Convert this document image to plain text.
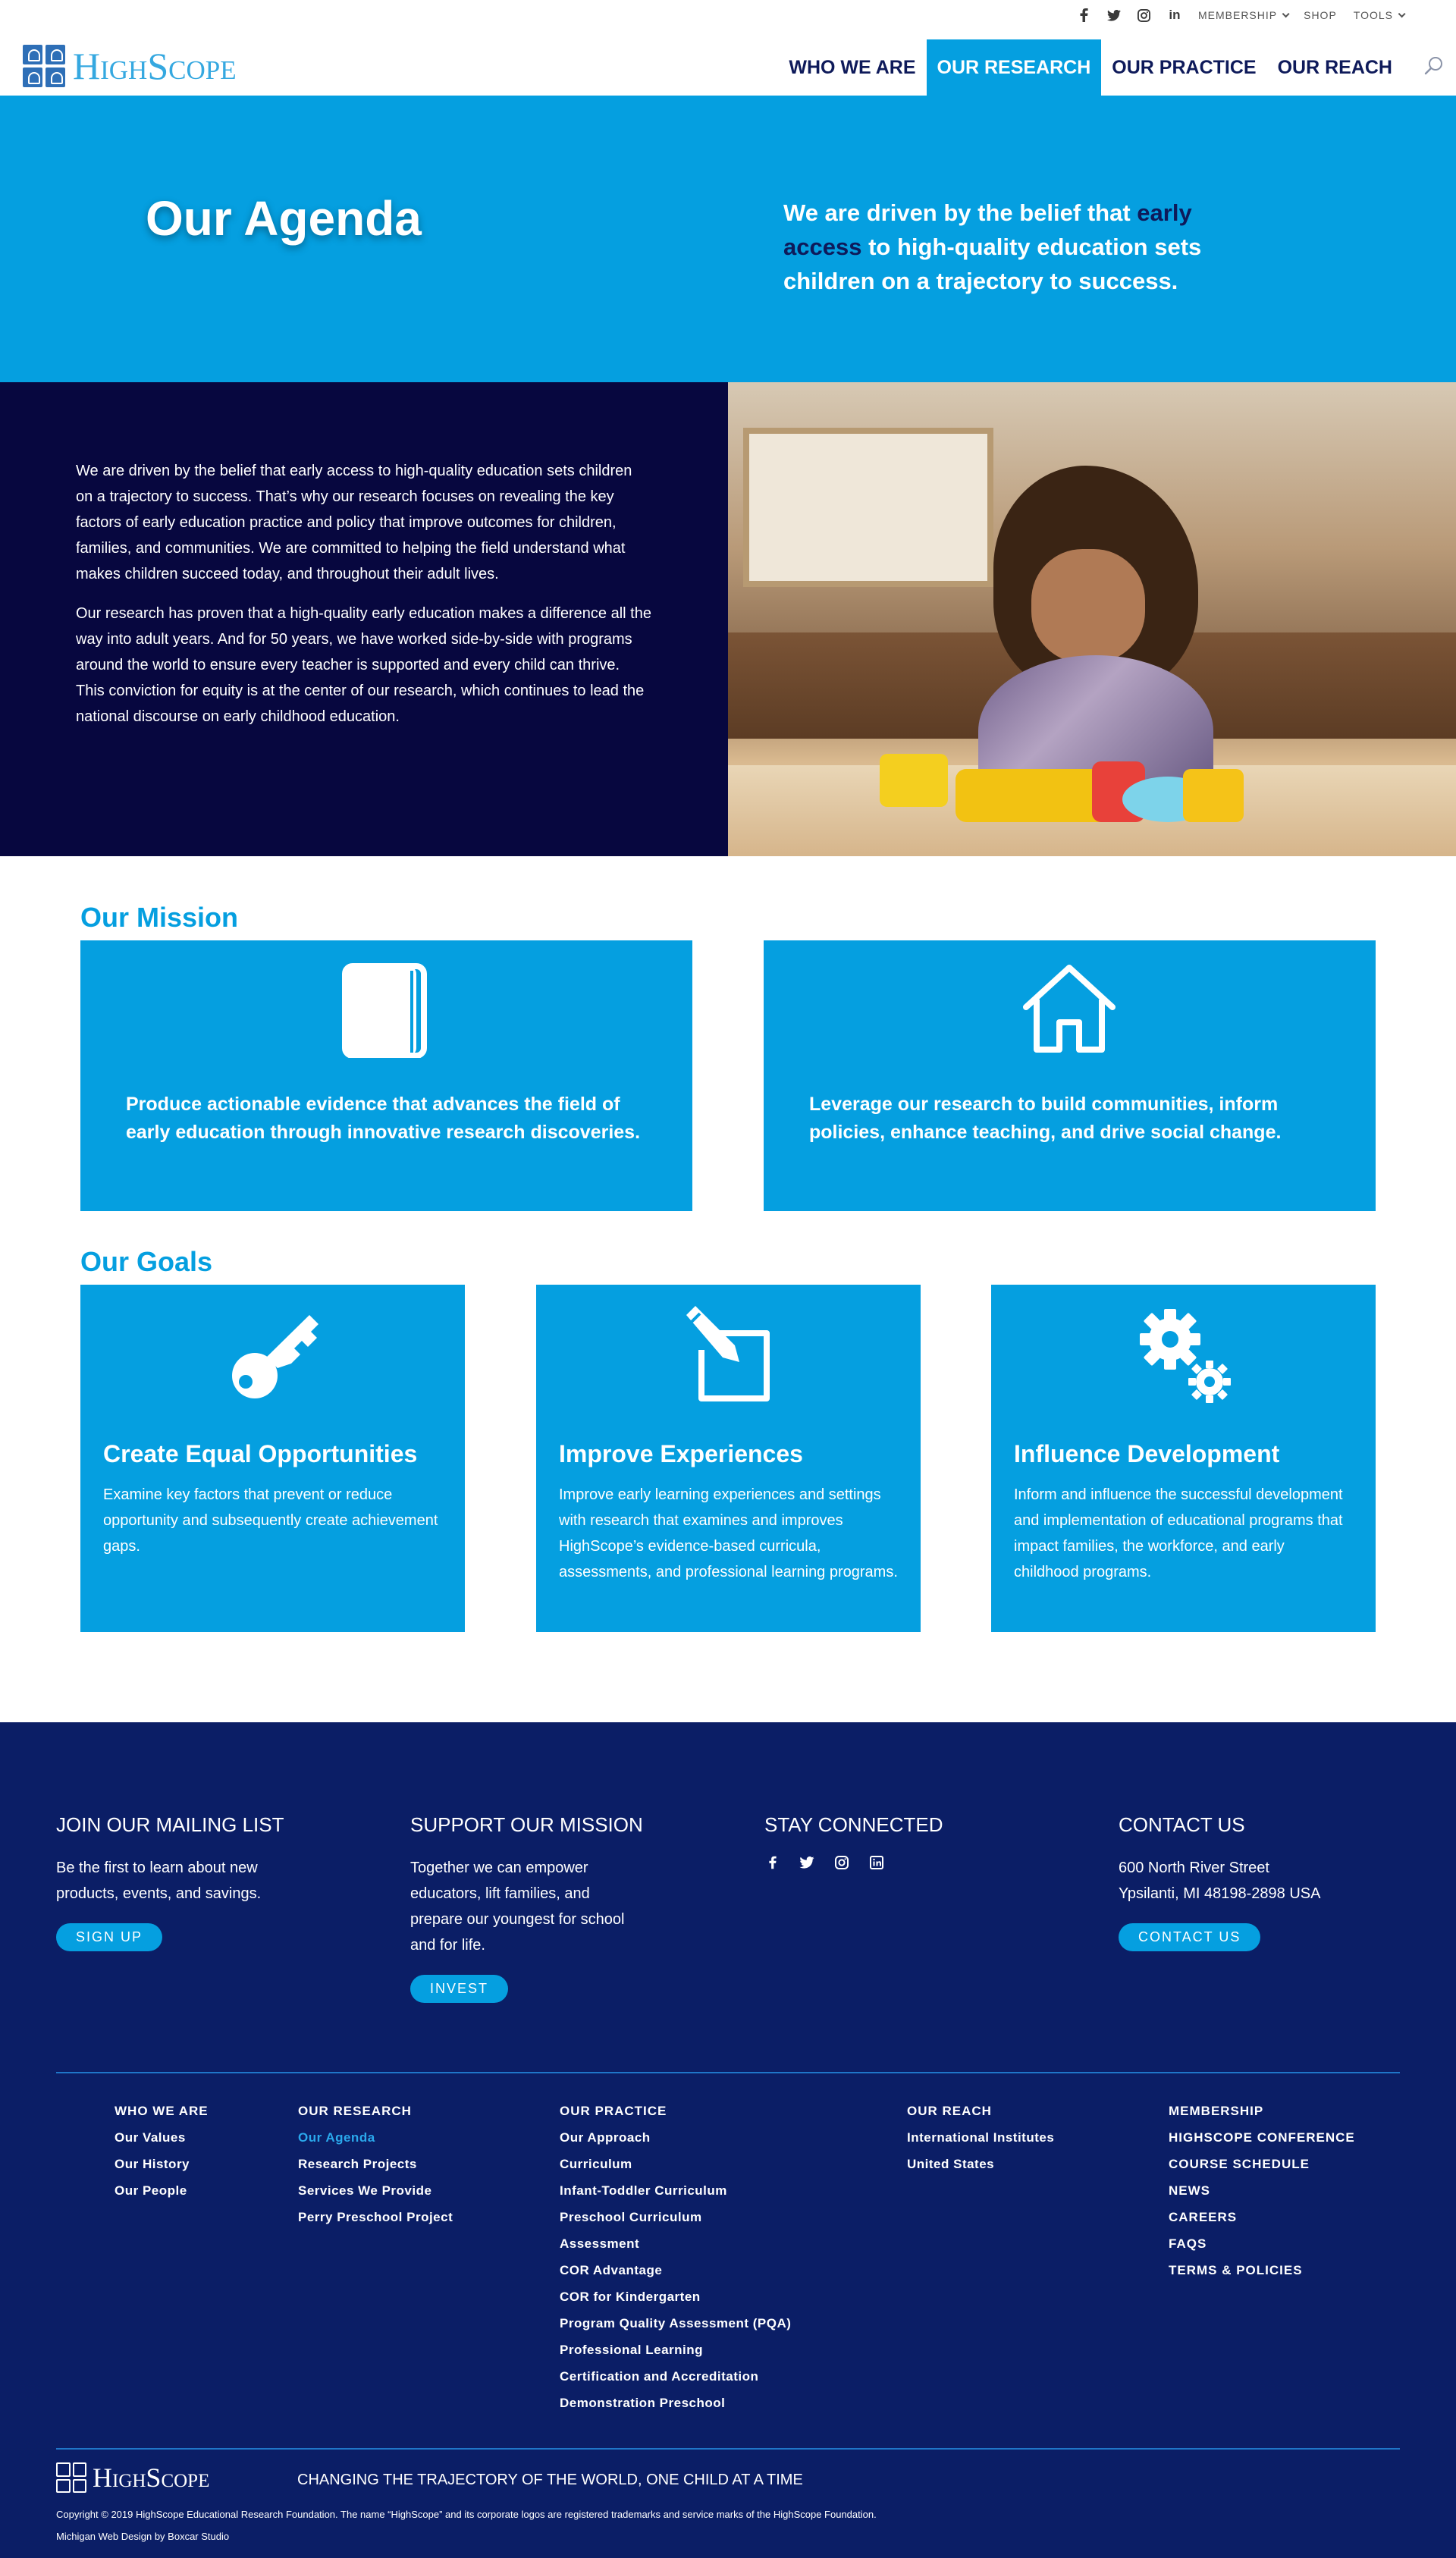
in MEMBERSHIP	SHOP TOOLS
HighScope	WHO WE ARE	OUR RESEARCH	OUR PRACTICE	OUR REACH
Our Agenda	We are driven by the belief that early access to high-quality education sets children on a trajectory to success.

We are driven by the belief that early access to high-quality education sets children on a trajectory to success. That’s why our research focuses on revealing the key factors of early education practice and policy that improve outcomes for children, families, and communities. We are committed to helping the field understand what makes children succeed today, and throughout their adult lives.

Our research has proven that a high-quality early education makes a difference all the way into adult years. And for 50 years, we have worked side-by-side with programs around the world to ensure every teacher is supported and every child can thrive. This conviction for equity is at the center of our research, which continues to lead the national discourse on early childhood education.

Our Mission
Produce actionable evidence that advances the field of early education through innovative research discoveries.
Leverage our research to build communities, inform policies, enhance teaching, and drive social change.
Our Goals
Create Equal Opportunities

Examine key factors that prevent or reduce opportunity and subsequently create achievement gaps.

Improve Experiences

Improve early learning experiences and settings with research that examines and improves HighScope’s evidence-based curricula, assessments, and professional learning programs.

Influence Development

Inform and influence the successful development and implementation of educational programs that impact families, the workforce, and early childhood programs.

JOIN OUR MAILING LIST

Be the first to learn about new products, events, and savings.

SIGN UP
SUPPORT OUR MISSION

Together we can empower educators, lift families, and prepare our youngest for school and for life.

INVEST
STAY CONNECTED	CONTACT US

600 North River Street
Ypsilanti, MI 48198-2898 USA

CONTACT US
WHO WE ARE
Our Values
Our History
Our People
OUR RESEARCH
Our Agenda
Research Projects
Services We Provide
Perry Preschool Project
OUR PRACTICE
Our Approach
Curriculum
Infant-Toddler Curriculum
Preschool Curriculum
Assessment
COR Advantage
COR for Kindergarten
Program Quality Assessment (PQA)
Professional Learning
Certification and Accreditation
Demonstration Preschool
OUR REACH
International Institutes
United States
MEMBERSHIP
HIGHSCOPE CONFERENCE
COURSE SCHEDULE
NEWS
CAREERS
FAQS
TERMS & POLICIES
HighScope	CHANGING THE TRAJECTORY OF THE WORLD, ONE CHILD AT A TIME
Copyright © 2019 HighScope Educational Research Foundation. The name “HighScope” and its corporate logos are registered trademarks and service marks of the HighScope Foundation.
Michigan Web Design by Boxcar Studio
